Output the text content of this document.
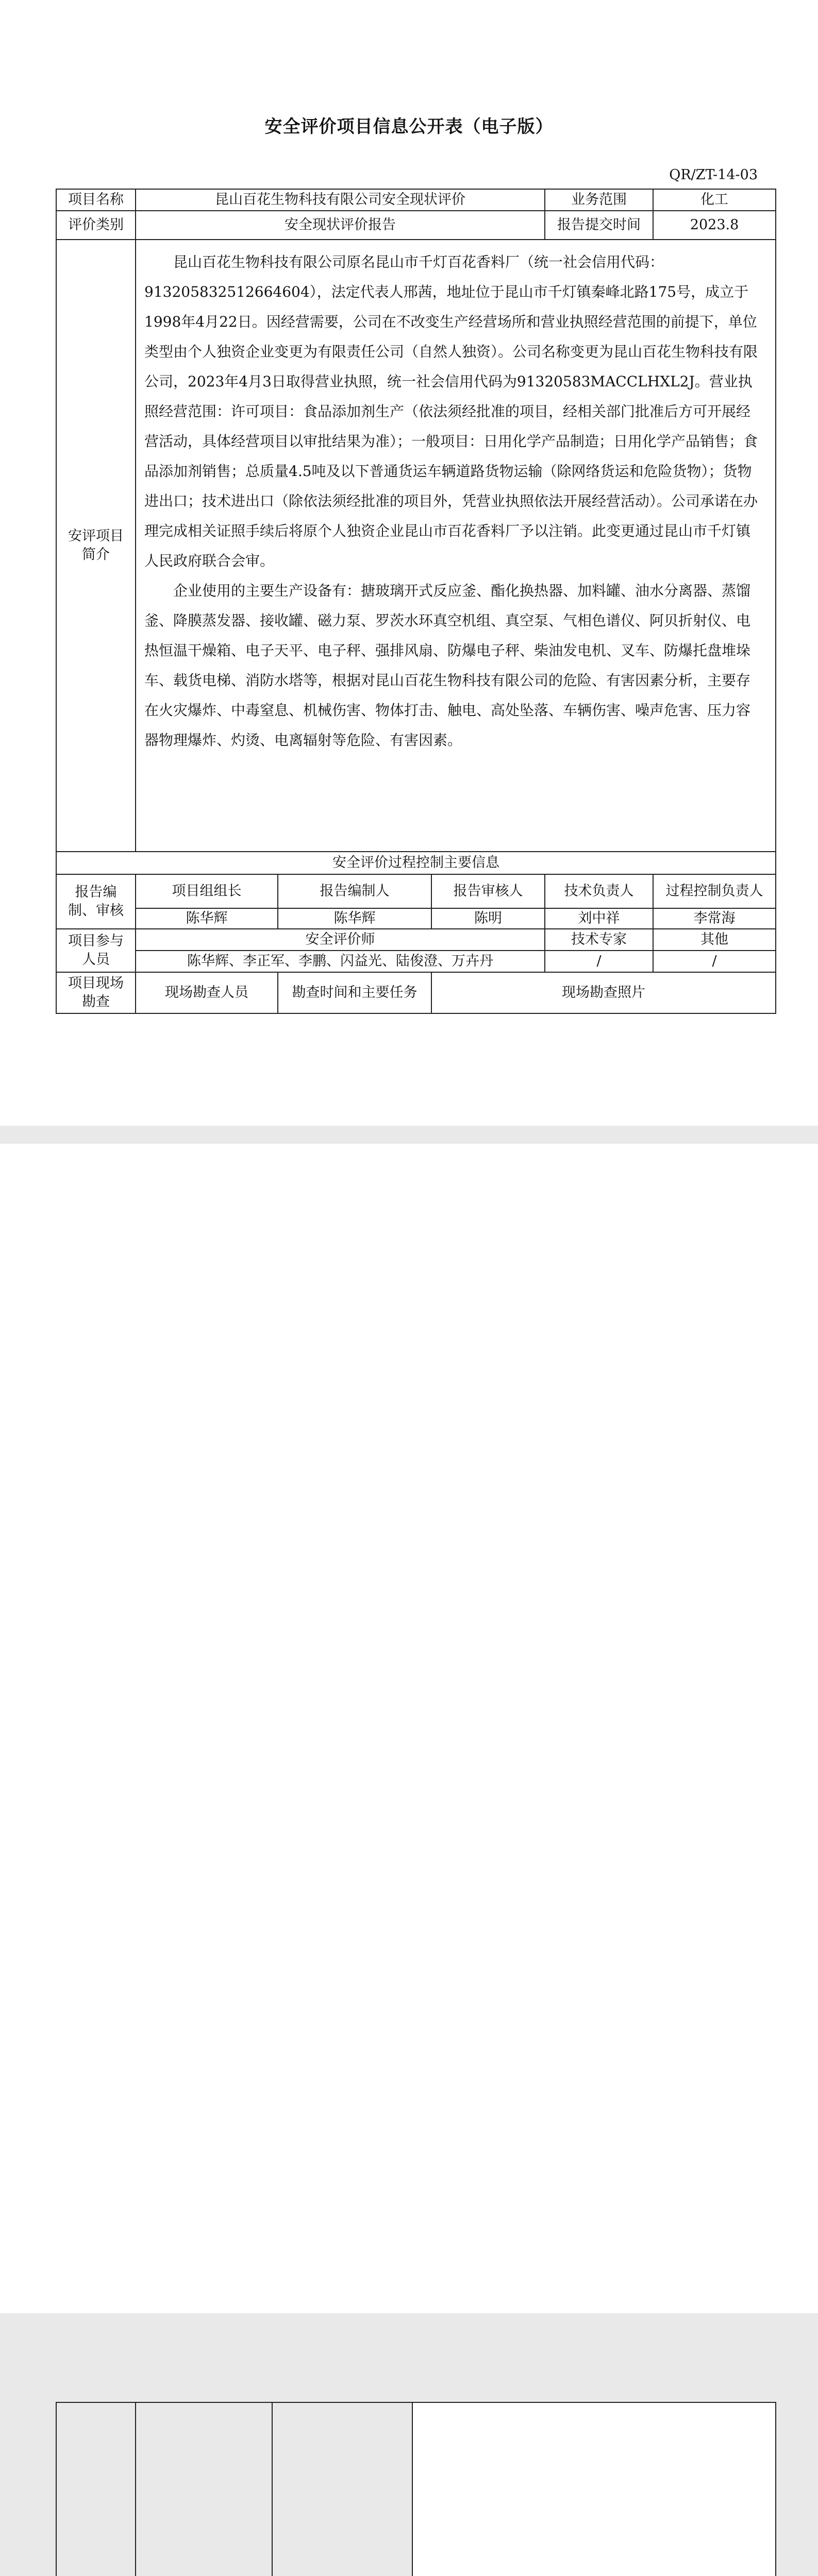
安全评价项目信息公开表（电子版）
QR/ZT-14-03
项目名称	昆山百花生物科技有限公司安全现状评价			业务范围	化工
评价类别	安全现状评价报告			报告提交时间	2023.8
安评项目简介	昆山百花生物科技有限公司原名昆山市千灯百花香料厂（统一社会信用代码：913205832512664604），法定代表人邢茜，地址位于昆山市千灯镇秦峰北路175号，成立于1998年4月22日。因经营需要，公司在不改变生产经营场所和营业执照经营范围的前提下，单位类型由个人独资企业变更为有限责任公司（自然人独资）。公司名称变更为昆山百花生物科技有限公司，2023年4月3日取得营业执照，统一社会信用代码为91320583MACCLHXL2J。营业执照经营范围：许可项目：食品添加剂生产（依法须经批准的项目，经相关部门批准后方可开展经营活动，具体经营项目以审批结果为准）；一般项目：日用化学产品制造；日用化学产品销售；食品添加剂销售；总质量4.5吨及以下普通货运车辆道路货物运输（除网络货运和危险货物）；货物进出口；技术进出口（除依法须经批准的项目外，凭营业执照依法开展经营活动）。公司承诺在办理完成相关证照手续后将原个人独资企业昆山市百花香料厂予以注销。此变更通过昆山市千灯镇人民政府联合会审。

企业使用的主要生产设备有：搪玻璃开式反应釜、酯化换热器、加料罐、油水分离器、蒸馏釜、降膜蒸发器、接收罐、磁力泵、罗茨水环真空机组、真空泵、气相色谱仪、阿贝折射仪、电热恒温干燥箱、电子天平、电子秤、强排风扇、防爆电子秤、柴油发电机、叉车、防爆托盘堆垛车、载货电梯、消防水塔等，根据对昆山百花生物科技有限公司的危险、有害因素分析，主要存在火灾爆炸、中毒窒息、机械伤害、物体打击、触电、高处坠落、车辆伤害、噪声危害、压力容器物理爆炸、灼烫、电离辐射等危险、有害因素。				

安全评价过程控制主要信息					
报告编制、审核	项目组组长	报告编制人	报告审核人	技术负责人	过程控制负责人
	陈华辉	陈华辉	陈明	刘中祥	李常海
项目参与人员	安全评价师			技术专家	其他
	陈华辉、李正军、李鹏、闪益光、陆俊澄、万卉丹			/	/
项目现场勘查	现场勘查人员	勘查时间和主要任务	现场勘查照片		
